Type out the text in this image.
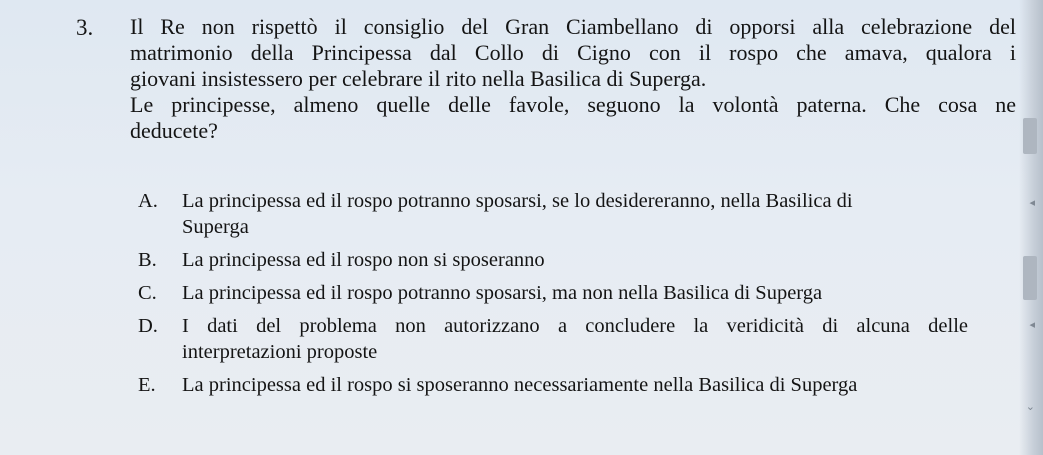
◂
◂
⌄
3. Il Re non rispettò il consiglio del Gran Ciambellano di opporsi alla celebrazione del

matrimonio della Principessa dal Collo di Cigno con il rospo che amava, qualora i

giovani insistessero per celebrare il rito nella Basilica di Superga.

Le principesse, almeno quelle delle favole, seguono la volontà paterna. Che cosa ne

deducete?

A. La principessa ed il rospo potranno sposarsi, se lo desidereranno, nella Basilica di
Superga
B. La principessa ed il rospo non si sposeranno
C. La principessa ed il rospo potranno sposarsi, ma non nella Basilica di Superga
D. I dati del problema non autorizzano a concludere la veridicità di alcuna delle
interpretazioni proposte
E. La principessa ed il rospo si sposeranno necessariamente nella Basilica di Superga
